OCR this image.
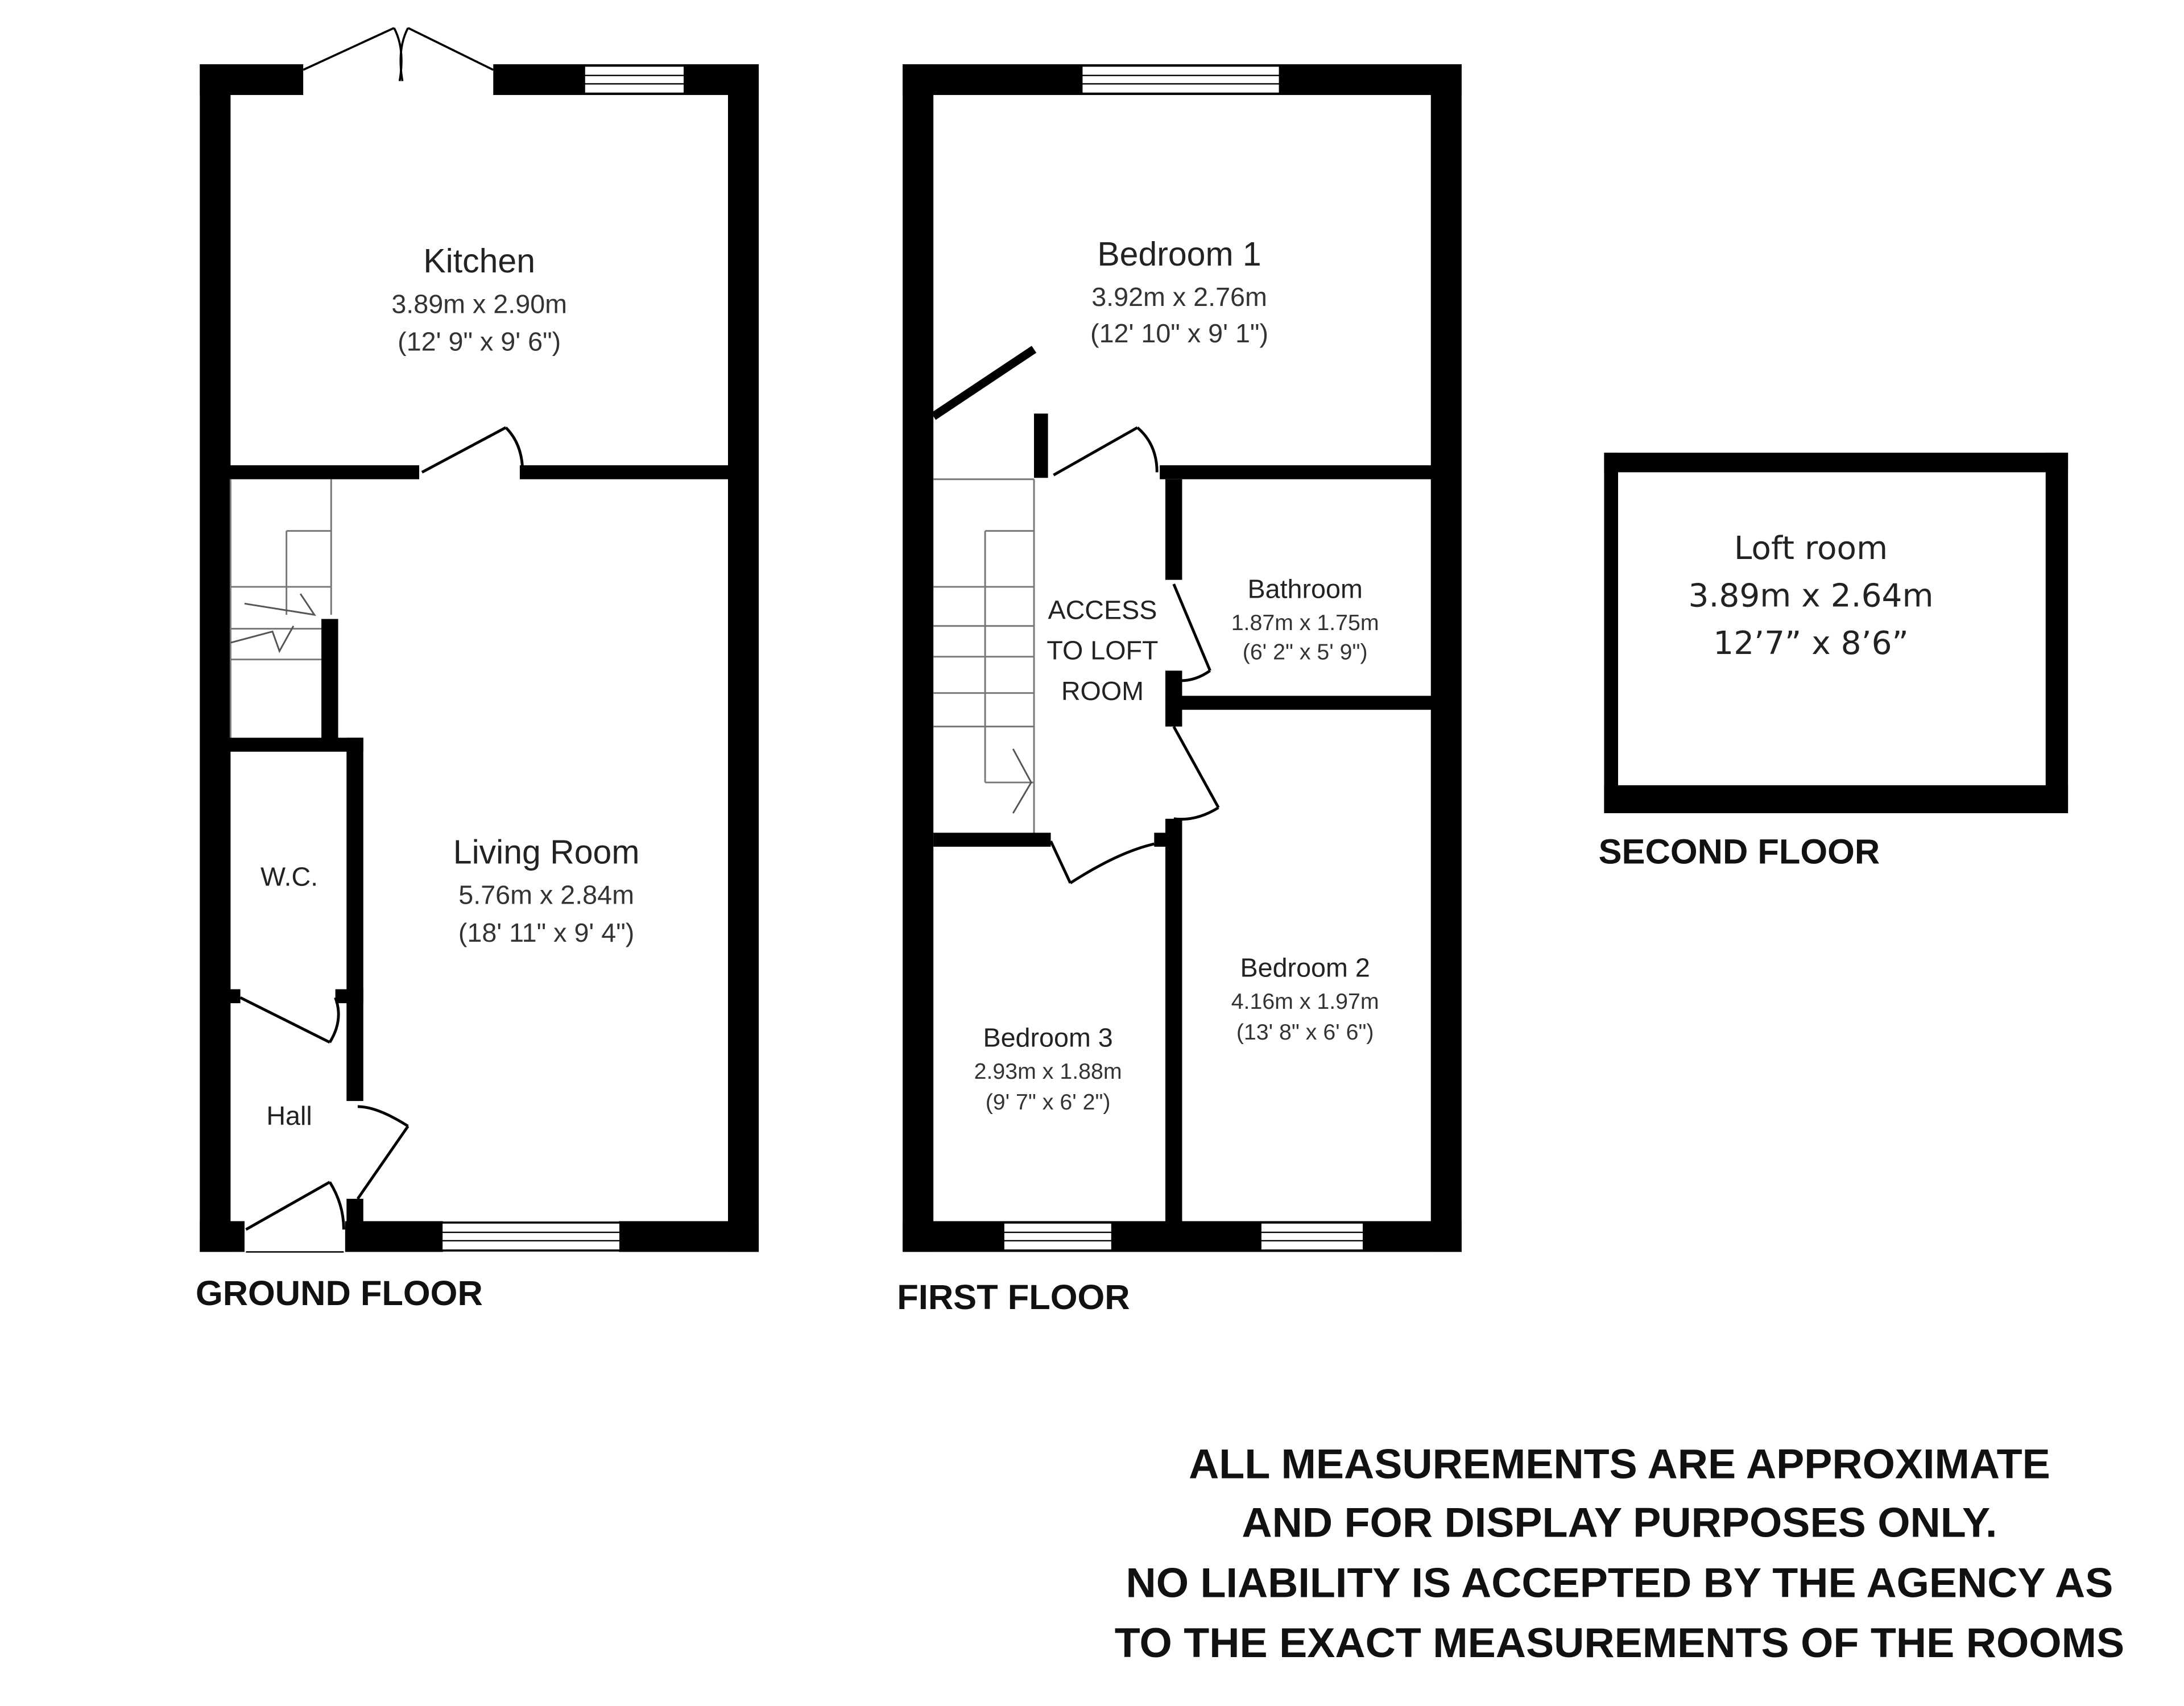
Kitchen
3.89m x 2.90m
(12' 9" x 9' 6")
Living Room
5.76m x 2.84m
(18' 11" x 9' 4")
W.C.
Hall
GROUND FLOOR
Bedroom 1
3.92m x 2.76m
(12' 10" x 9' 1")
Bathroom
1.87m x 1.75m
(6' 2" x 5' 9")
ACCESS
TO LOFT
ROOM
Bedroom 2
4.16m x 1.97m
(13' 8" x 6' 6")
Bedroom 3
2.93m x 1.88m
(9' 7" x 6' 2")
FIRST FLOOR
Loft room
3.89m x 2.64m
12’7” x 8’6”
SECOND FLOOR
ALL MEASUREMENTS ARE APPROXIMATE
AND FOR DISPLAY PURPOSES ONLY.
NO LIABILITY IS ACCEPTED BY THE AGENCY AS
TO THE EXACT MEASUREMENTS OF THE ROOMS
